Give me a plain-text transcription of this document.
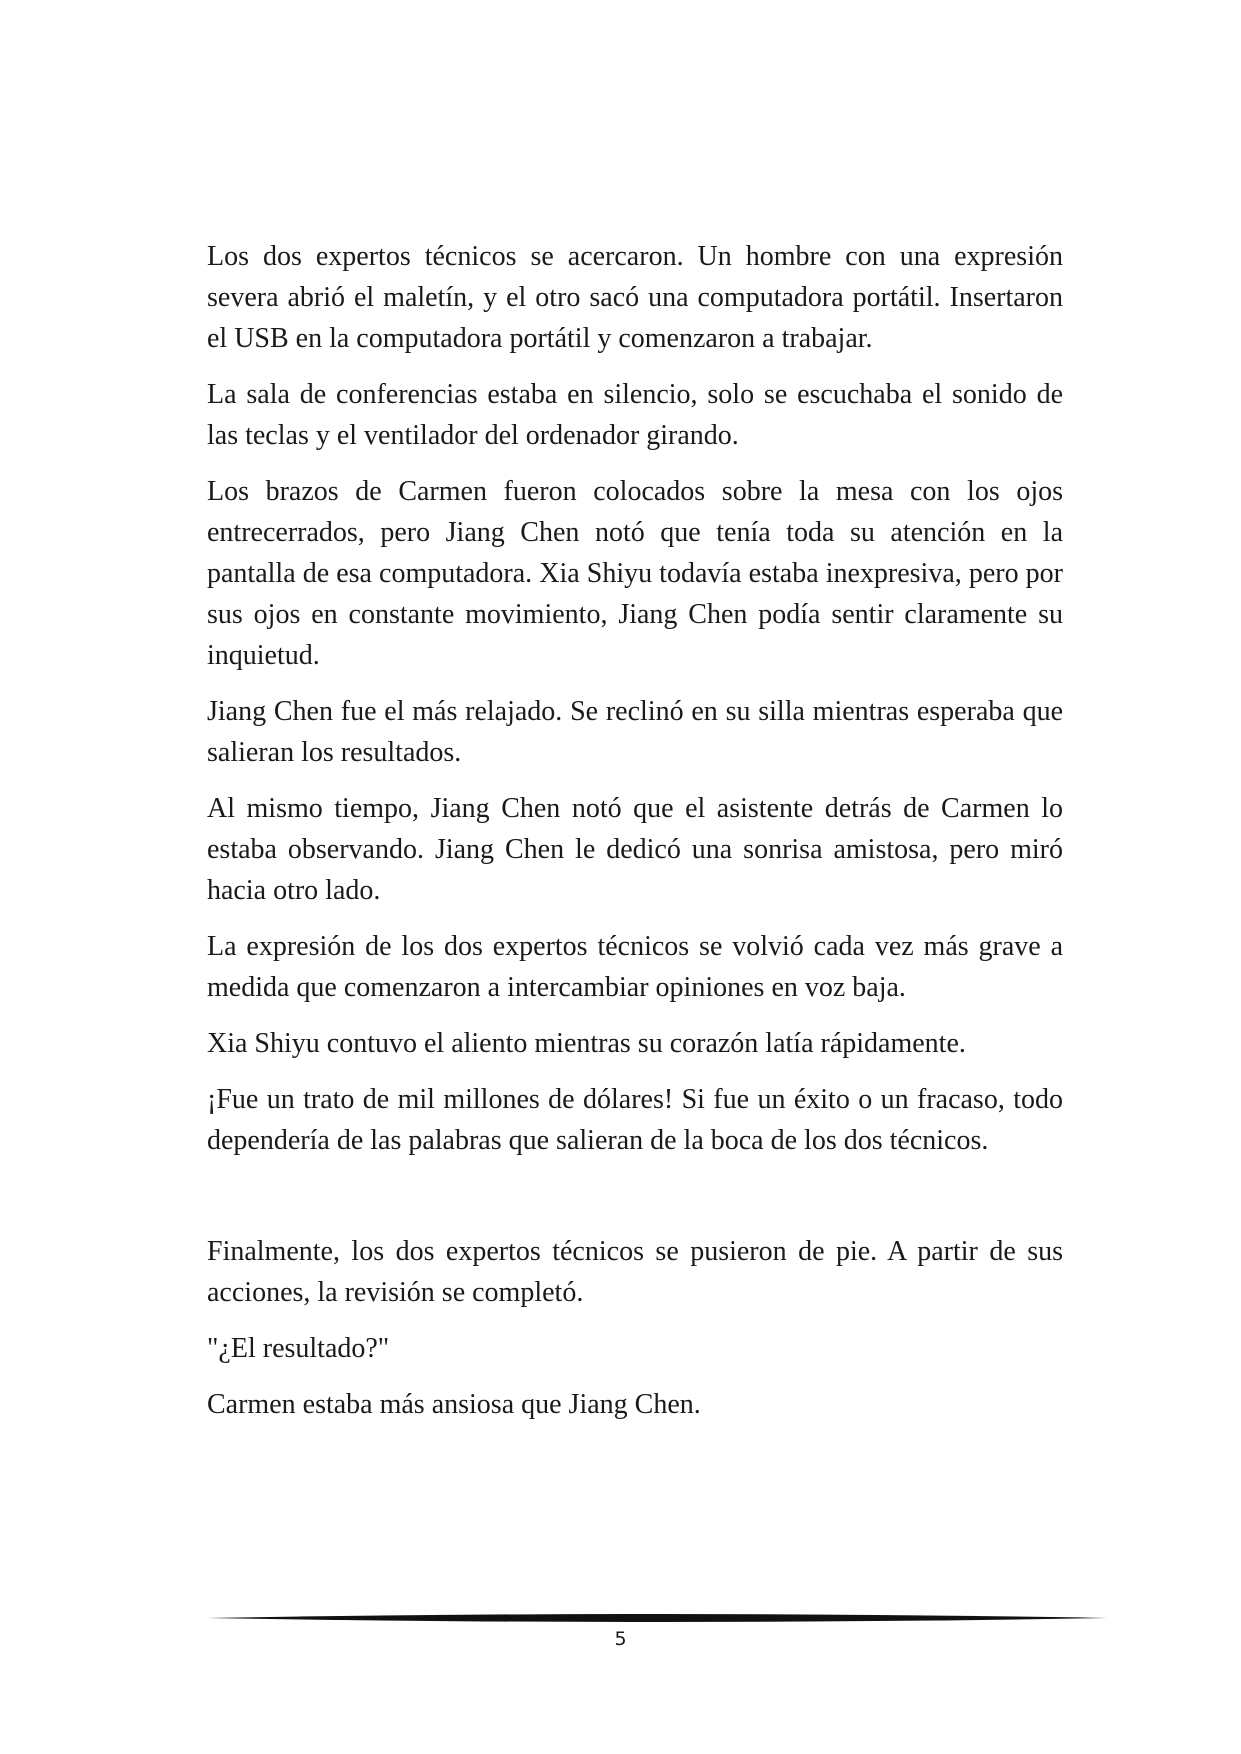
Los dos expertos técnicos se acercaron. Un hombre con una expresión severa abrió el maletín, y el otro sacó una computadora portátil. Insertaron el USB en la computadora portátil y comenzaron a trabajar.

La sala de conferencias estaba en silencio, solo se escuchaba el sonido de las teclas y el ventilador del ordenador girando.

Los brazos de Carmen fueron colocados sobre la mesa con los ojos entrecerrados, pero Jiang Chen notó que tenía toda su atención en la pantalla de esa computadora. Xia Shiyu todavía estaba inexpresiva, pero por sus ojos en constante movimiento, Jiang Chen podía sentir claramente su inquietud.

Jiang Chen fue el más relajado. Se reclinó en su silla mientras esperaba que salieran los resultados.

Al mismo tiempo, Jiang Chen notó que el asistente detrás de Carmen lo estaba observando. Jiang Chen le dedicó una sonrisa amistosa, pero miró hacia otro lado.

La expresión de los dos expertos técnicos se volvió cada vez más grave a medida que comenzaron a intercambiar opiniones en voz baja.

Xia Shiyu contuvo el aliento mientras su corazón latía rápidamente.

¡Fue un trato de mil millones de dólares! Si fue un éxito o un fracaso, todo dependería de las palabras que salieran de la boca de los dos técnicos.

Finalmente, los dos expertos técnicos se pusieron de pie. A partir de sus acciones, la revisión se completó.

"¿El resultado?"

Carmen estaba más ansiosa que Jiang Chen.

5
